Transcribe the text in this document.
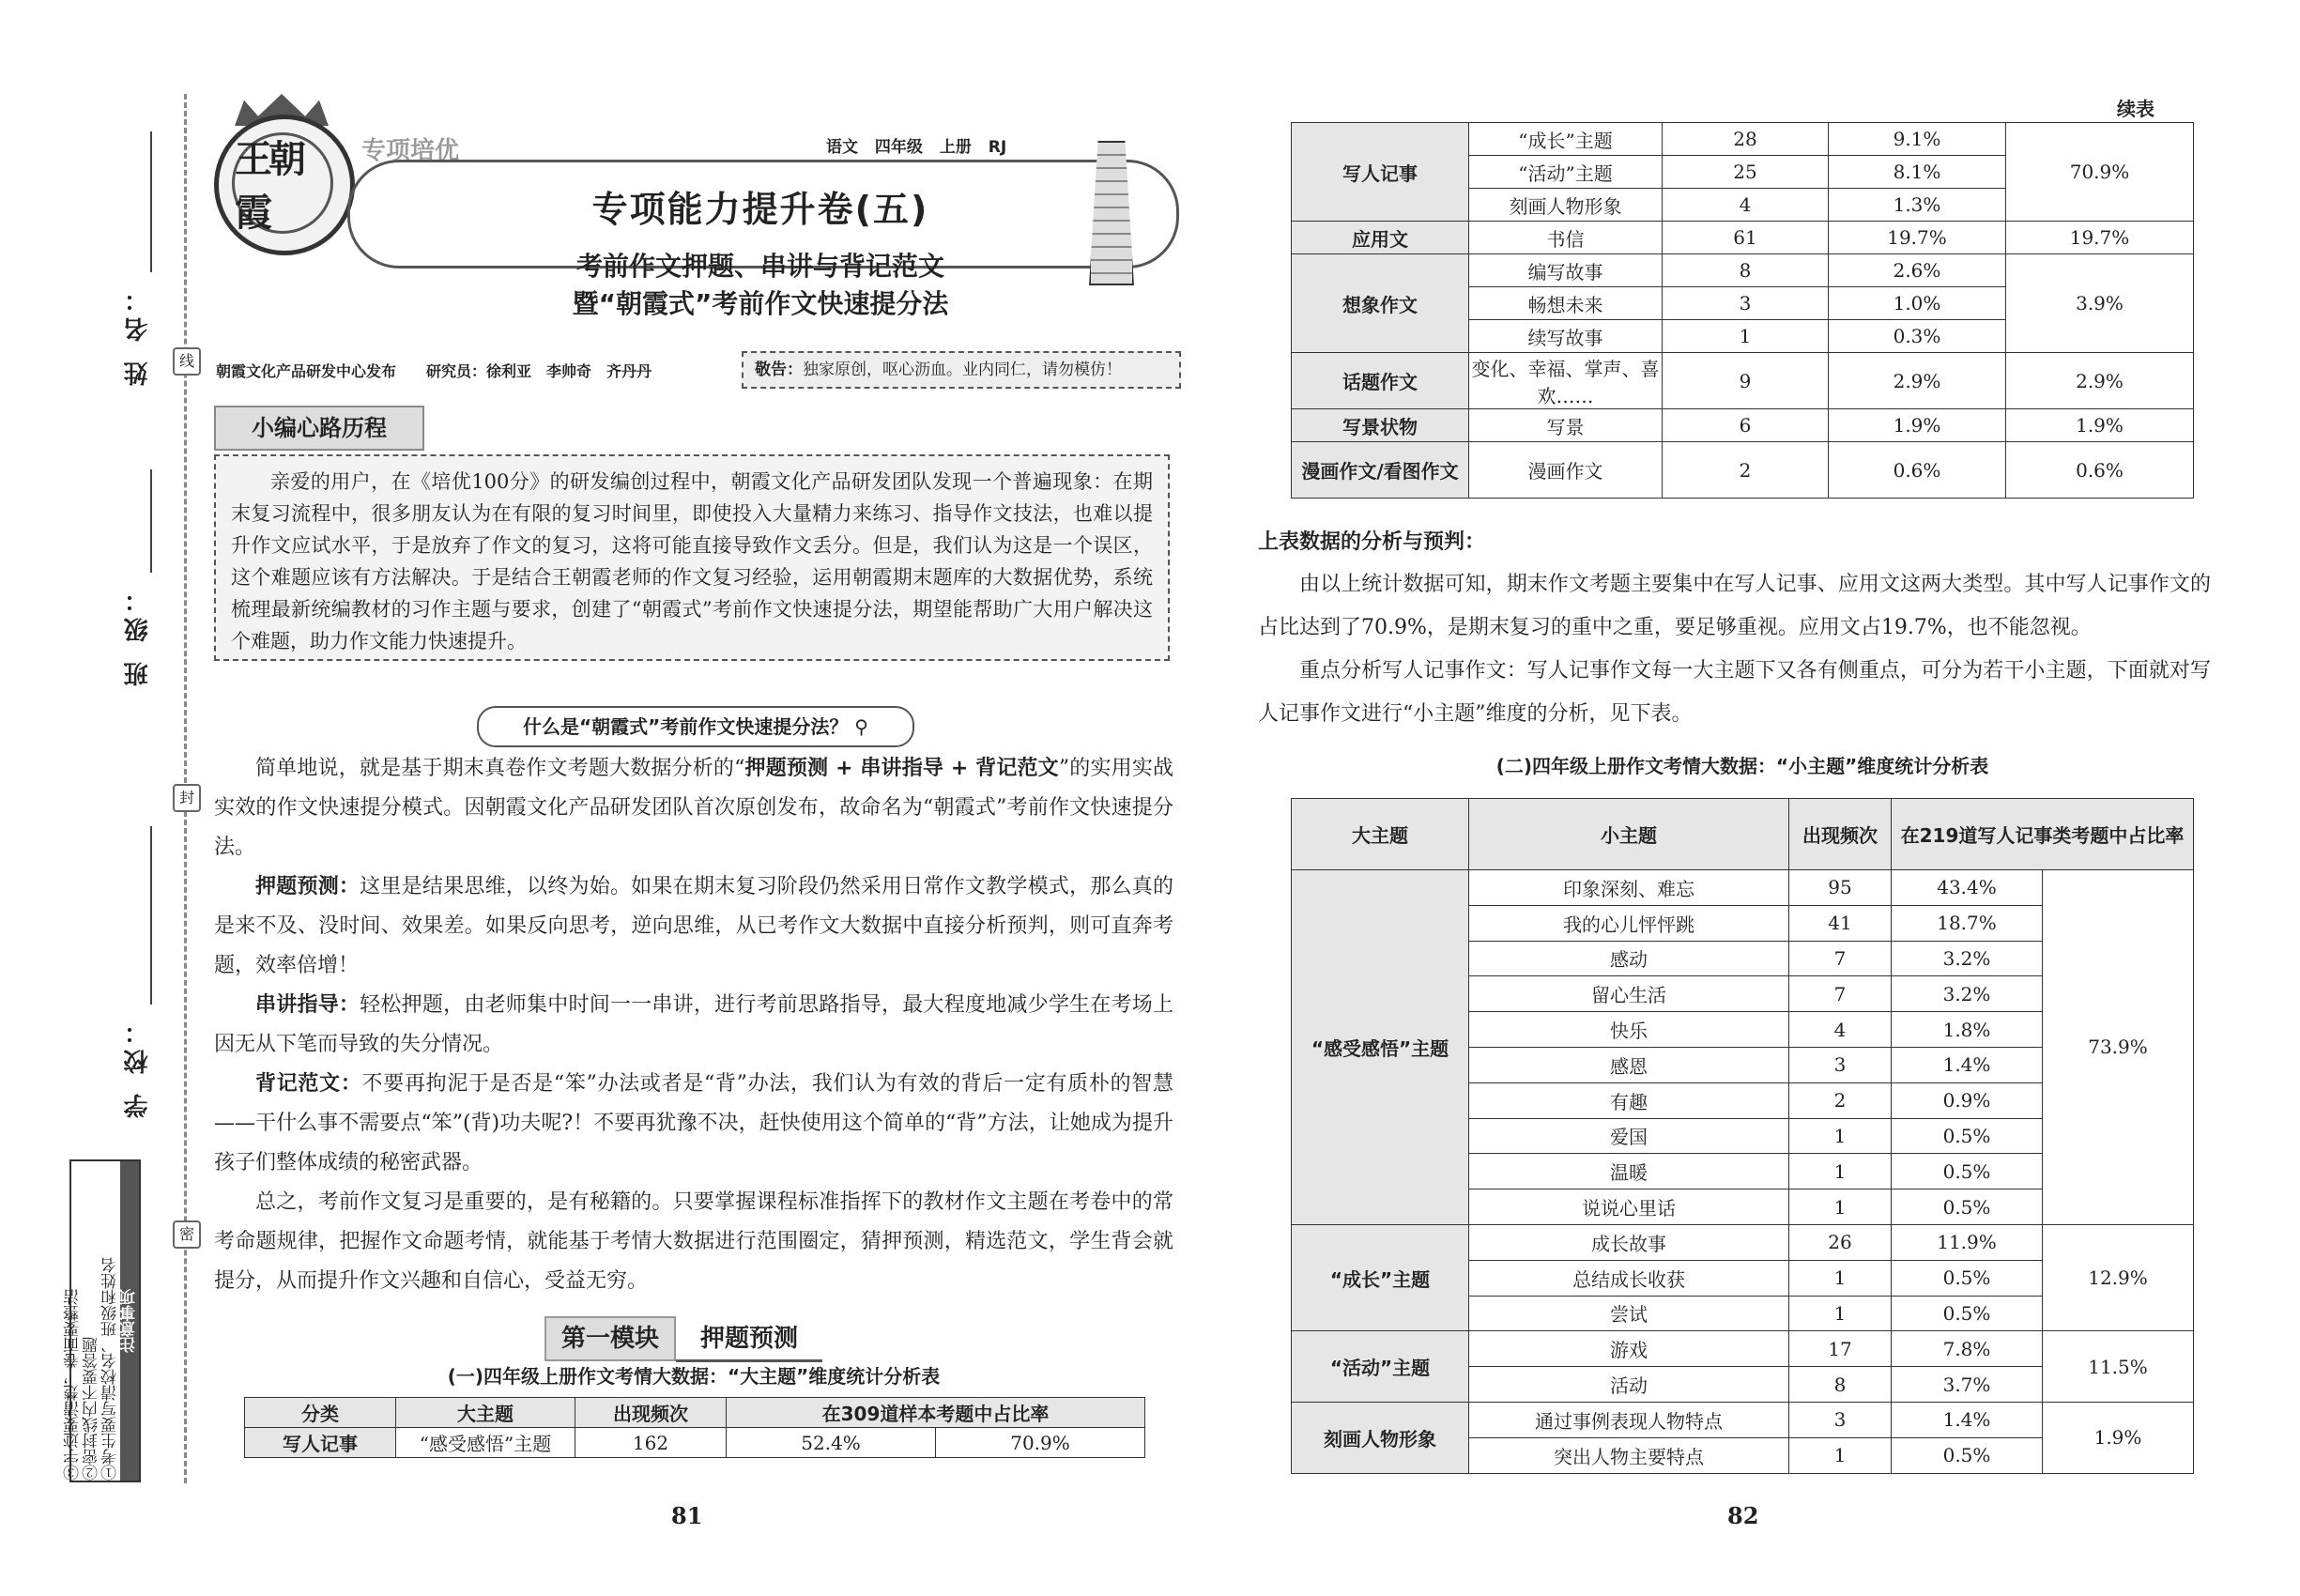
姓 名：
班 级：
学 校：
线
封
密
注意事项
①考生要写清校名、班级和姓名
②密封线内不要答题
③字迹要清楚，卷面要整洁
王朝霞
专项培优	语文 四年级 上册 RJ
专项能力提升卷(五)
考前作文押题、串讲与背记范文
暨“朝霞式”考前作文快速提分法
朝霞文化产品研发中心发布　　研究员：徐利亚　李帅奇　齐丹丹	敬告：独家原创，呕心沥血。业内同仁，请勿模仿！
小编心路历程
亲爱的用户，在《培优100分》的研发编创过程中，朝霞文化产品研发团队发现一个普遍现象：在期末复习流程中，很多朋友认为在有限的复习时间里，即使投入大量精力来练习、指导作文技法，也难以提升作文应试水平，于是放弃了作文的复习，这将可能直接导致作文丢分。但是，我们认为这是一个误区，这个难题应该有方法解决。于是结合王朝霞老师的作文复习经验，运用朝霞期末题库的大数据优势，系统梳理最新统编教材的习作主题与要求，创建了“朝霞式”考前作文快速提分法，期望能帮助广大用户解决这个难题，助力作文能力快速提升。
什么是“朝霞式”考前作文快速提分法？ ⚲

简单地说，就是基于期末真卷作文考题大数据分析的“押题预测 + 串讲指导 + 背记范文”的实用实战实效的作文快速提分模式。因朝霞文化产品研发团队首次原创发布，故命名为“朝霞式”考前作文快速提分法。

押题预测：这里是结果思维，以终为始。如果在期末复习阶段仍然采用日常作文教学模式，那么真的是来不及、没时间、效果差。如果反向思考，逆向思维，从已考作文大数据中直接分析预判，则可直奔考题，效率倍增！

串讲指导：轻松押题，由老师集中时间一一串讲，进行考前思路指导，最大程度地减少学生在考场上因无从下笔而导致的失分情况。

背记范文：不要再拘泥于是否是“笨”办法或者是“背”办法，我们认为有效的背后一定有质朴的智慧——干什么事不需要点“笨”(背)功夫呢?！不要再犹豫不决，赶快使用这个简单的“背”方法，让她成为提升孩子们整体成绩的秘密武器。

总之，考前作文复习是重要的，是有秘籍的。只要掌握课程标准指挥下的教材作文主题在考卷中的常考命题规律，把握作文命题考情，就能基于考情大数据进行范围圈定，猜押预测，精选范文，学生背会就提分，从而提升作文兴趣和自信心，受益无穷。

第一模块 押题预测
(一)四年级上册作文考情大数据：“大主题”维度统计分析表
分类	大主题	出现频次	在309道样本考题中占比率	
写人记事	“感受感悟”主题	162	52.4%	70.9%
81
续表
写人记事	“成长”主题	28	9.1%	70.9%
	“活动”主题	25	8.1%	
	刻画人物形象	4	1.3%	
应用文	书信	61	19.7%	19.7%
想象作文	编写故事	8	2.6%	3.9%
	畅想未来	3	1.0%	
	续写故事	1	0.3%	
话题作文	变化、幸福、掌声、喜欢……	9	2.9%	2.9%
写景状物	写景	6	1.9%	1.9%
漫画作文/看图作文	漫画作文	2	0.6%	0.6%
上表数据的分析与预判：

由以上统计数据可知，期末作文考题主要集中在写人记事、应用文这两大类型。其中写人记事作文的占比达到了70.9%，是期末复习的重中之重，要足够重视。应用文占19.7%，也不能忽视。

重点分析写人记事作文：写人记事作文每一大主题下又各有侧重点，可分为若干小主题，下面就对写人记事作文进行“小主题”维度的分析，见下表。

(二)四年级上册作文考情大数据：“小主题”维度统计分析表
大主题	小主题	出现频次	在219道写人记事类考题中占比率	
“感受感悟”主题	印象深刻、难忘	95	43.4%	73.9%
	我的心儿怦怦跳	41	18.7%	
	感动	7	3.2%	
	留心生活	7	3.2%	
	快乐	4	1.8%	
	感恩	3	1.4%	
	有趣	2	0.9%	
	爱国	1	0.5%	
	温暖	1	0.5%	
	说说心里话	1	0.5%	
“成长”主题	成长故事	26	11.9%	12.9%
	总结成长收获	1	0.5%	
	尝试	1	0.5%	
“活动”主题	游戏	17	7.8%	11.5%
	活动	8	3.7%	
刻画人物形象	通过事例表现人物特点	3	1.4%	1.9%
	突出人物主要特点	1	0.5%	
82
